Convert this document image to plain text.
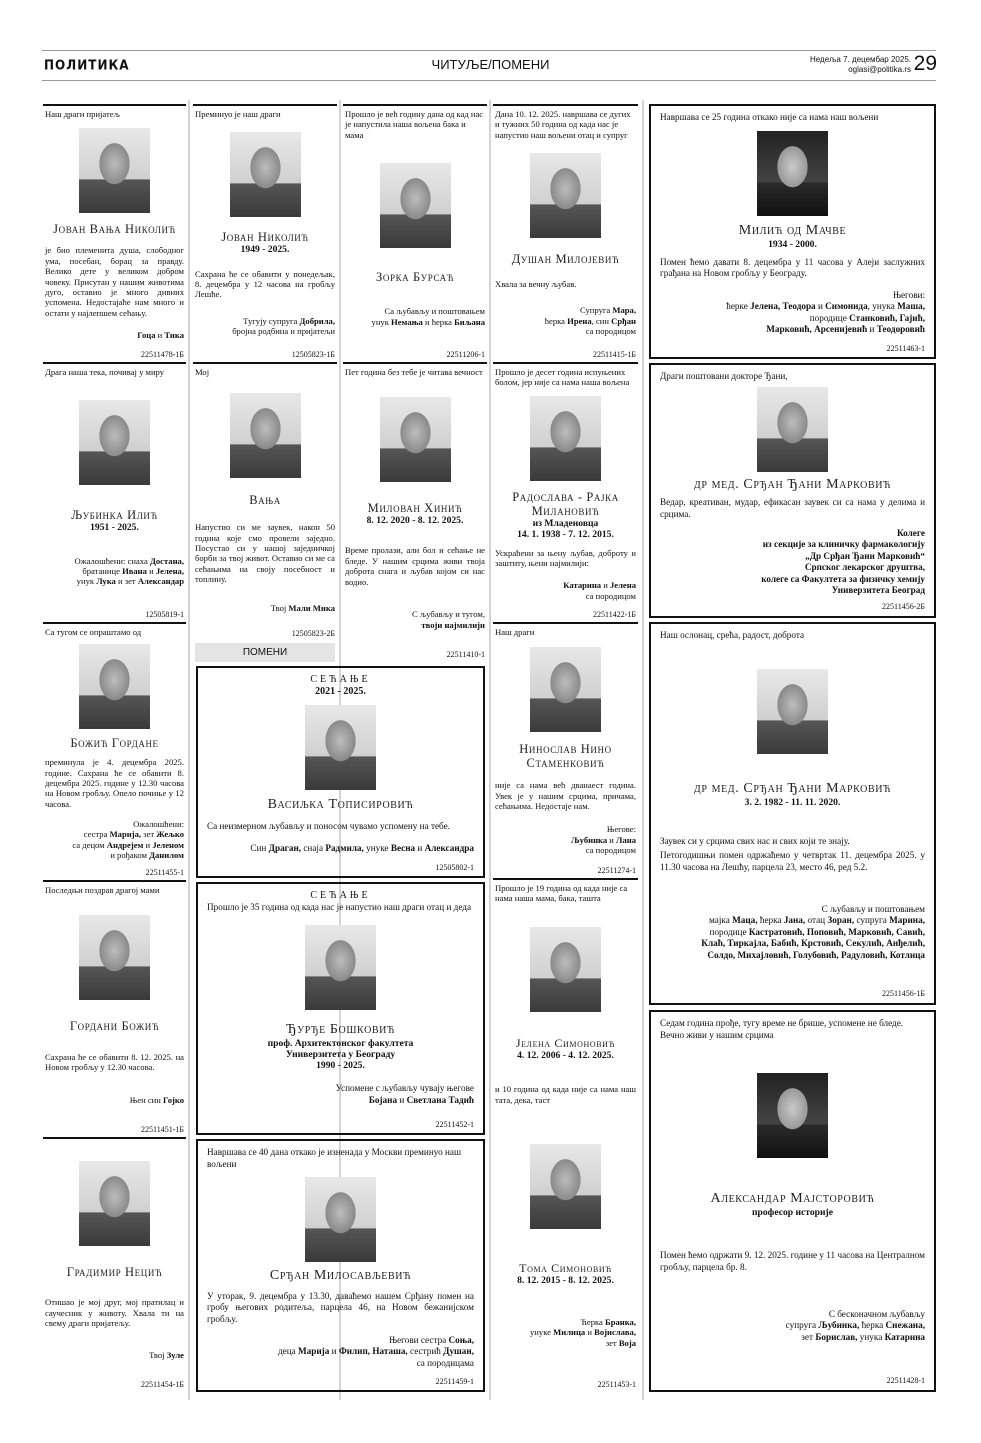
ПОЛИТИКА	ЧИТУЉЕ/ПОМЕНИ	Недеља 7. децембар 2025.
oglasi@politika.rs 29
ПОМЕНИ
Наш драги пријатељ
Јован Вања Николић

је био племенита душа, слободног ума, посебан, борац за правду. Велико дете у великом добром човеку. Присутан у нашим животима дуго, оставио је много дивних успомена. Недостајаће нам много и остати у најлепшем сећању.

Гоца и Тика
22511478-1Б
Драга наша тека, почивај у миру
Љубинка Илић
1951 - 2025.
Ожалошћени: снаха Достана,
братанице Ивана и Јелена,
унук Лука и зет Александар
12505819-1
Са тугом се опраштамо од
Божић Гордане

преминула је 4. децембра 2025. године. Сахрана ће се обавити 8. децембра 2025. године у 12.30 часова на Новом гробљу. Опело почиње у 12 часова.

Ожалошћени:
сестра Марија, зет Жељко
са децом Андрејем и Јеленом
и рођаком Данилом
22511455-1
Последњи поздрав драгој мами
Гордани Божић

Сахрана ће се обавити 8. 12. 2025. на Новом гробљу у 12.30 часова.

Њен син Гојко
22511451-1Б
Градимир Нецић

Отишао је мој друг, мој пратилац и саучесник у животу. Хвала ти на свему драги пријатељу.

Твој Зуле
22511454-1Б
Преминуо је наш драги
Јован Николић
1949 - 2025.

Сахрана ће се обавити у понедељак, 8. децембра у 12 часова на гробљу Лешће.

Тугују супруга Добрила,
бројна родбина и пријатељи
12505823-1Б
Мој
Вања

Напустио си ме заувек, након 50 година које смо провели заједно. Посустао си у нашој заједничкој борби за твој живот. Оставио си ме са сећањима на своју посебност и топлину.

Твој Мали Мика
12505823-2Б
Прошло је већ годину дана од кад нас је напустила наша вољена бака и мама
Зорка Бурсаћ
Са љубављу и поштовањем
унук Немања и ћерка Биљана
22511206-1
Пет година без тебе је читава вечност
Милован Хинић
8. 12. 2020 - 8. 12. 2025.

Време пролази, али бол и сећање не бледе. У нашим срцима живи твоја доброта снага и љубав којом си нас водио.

С љубављу и тугом,
твоји најмилији
22511410-1
СЕЋАЊЕ
2021 - 2025.
Васиљка Тописировић

Са неизмерном љубављу и поносом чувамо успомену на тебе.

Син Драган, снаја Радмила, унуке Весна и Александра
12505802-1
СЕЋАЊЕ
Прошло је 35 година од када нас је напустио наш драги отац и деда
Ђурђе Бошковић
проф. Архитектонског факултета
Универзитета у Београду
1990 - 2025.
Успомене с љубављу чувају његове
Бојана и Светлана Тадић
22511452-1
Навршава се 40 дана откако је изненада у Москви преминуо наш вољени
Срђан Милосављевић

У уторак, 9. децембра у 13.30, даваћемо нашем Срђану помен на гробу његових родитеља, парцела 46, на Новом бежанијском гробљу.

Његови сестра Соња,
деца Марија и Филип, Наташа, сестрић Душан,
са породицама
22511459-1
Дана 10. 12. 2025. навршава се дугих и тужних 50 година од када нас је напустио наш вољени отац и супруг
Душан Милојевић

Хвала за вечну љубав.

Супруга Мара,
ћерка Ирена, син Срђан
са породицом
22511415-1Б
Прошло је десет година испуњених болом, јер није са нама наша вољена
Радослава - Рајка Милановић
из Младеновца
14. 1. 1938 - 7. 12. 2015.

Ускраћени за њену љубав, доброту и заштиту, њени најмилији:

Катарина и Јелена
са породицом
22511422-1Б
Наш драги
Нинослав Нино Стаменковић

није са нама већ дванаест година. Увек је у нашим срцима, причама, сећањима. Недостаје нам.

Његове:
Љубинка и Лана
са породицом
22511274-1
Прошло је 19 година од када није са нама наша мама, бака, ташта
Јелена Симоновић
4. 12. 2006 - 4. 12. 2025.

и 10 година од када није са нама наш тата, дека, таст

Тома Симоновић
8. 12. 2015 - 8. 12. 2025.
Ћерка Бранка,
унуке Милица и Војислава,
зет Воја
22511453-1
Навршава се 25 година откако није са нама наш вољени
Милић од Мачве
1934 - 2000.

Помен ћемо давати 8. децембра у 11 часова у Алеји заслужних грађана на Новом гробљу у Београду.

Његови:
ћерке Јелена, Теодора и Симонида, унука Маша,
породице Станковић, Гајић,
Марковић, Арсенијевић и Теодоровић
22511463-1
Драги поштовани докторе Ђани,
др мед. Срђан Ђани Марковић

Ведар, креативан, мудар, ефикасан заувек си са нама у делима и срцима.

Колеге
из секције за клиничку фармакологију
„Др Срђан Ђани Марковић“
Српског лекарског друштва,
колеге са Факултета за физичку хемију
Универзитета Београд
22511456-2Б
Наш ослонац, срећа, радост, доброта
др мед. Срђан Ђани Марковић
3. 2. 1982 - 11. 11. 2020.

Заувек си у срцима свих нас и свих који те знају.

Петогодишњи помен одржаћемо у четвртак 11. децембра 2025. у 11.30 часова на Лешћу, парцела 23, место 46, ред 5.2.

С љубављу и поштовањем
мајка Маца, ћерка Јана, отац Зоран, супруга Марина,
породице Кастратовић, Поповић, Марковић, Савић,
Клаћ, Тиркајла, Бабић, Крстовић, Секулић, Анђелић,
Солдо, Михајловић, Голубовић, Радуловић, Котлица
22511456-1Б
Седам година прође, тугу време не брише, успомене не бледе. Вечно живи у нашим срцима
Александар Мајсторовић
професор историје

Помен ћемо одржати 9. 12. 2025. године у 11 часова на Централном гробљу, парцела бр. 8.

С бесконачном љубављу
супруга Љубинка, ћерка Снежана,
зет Борислав, унука Катарина
22511428-1
